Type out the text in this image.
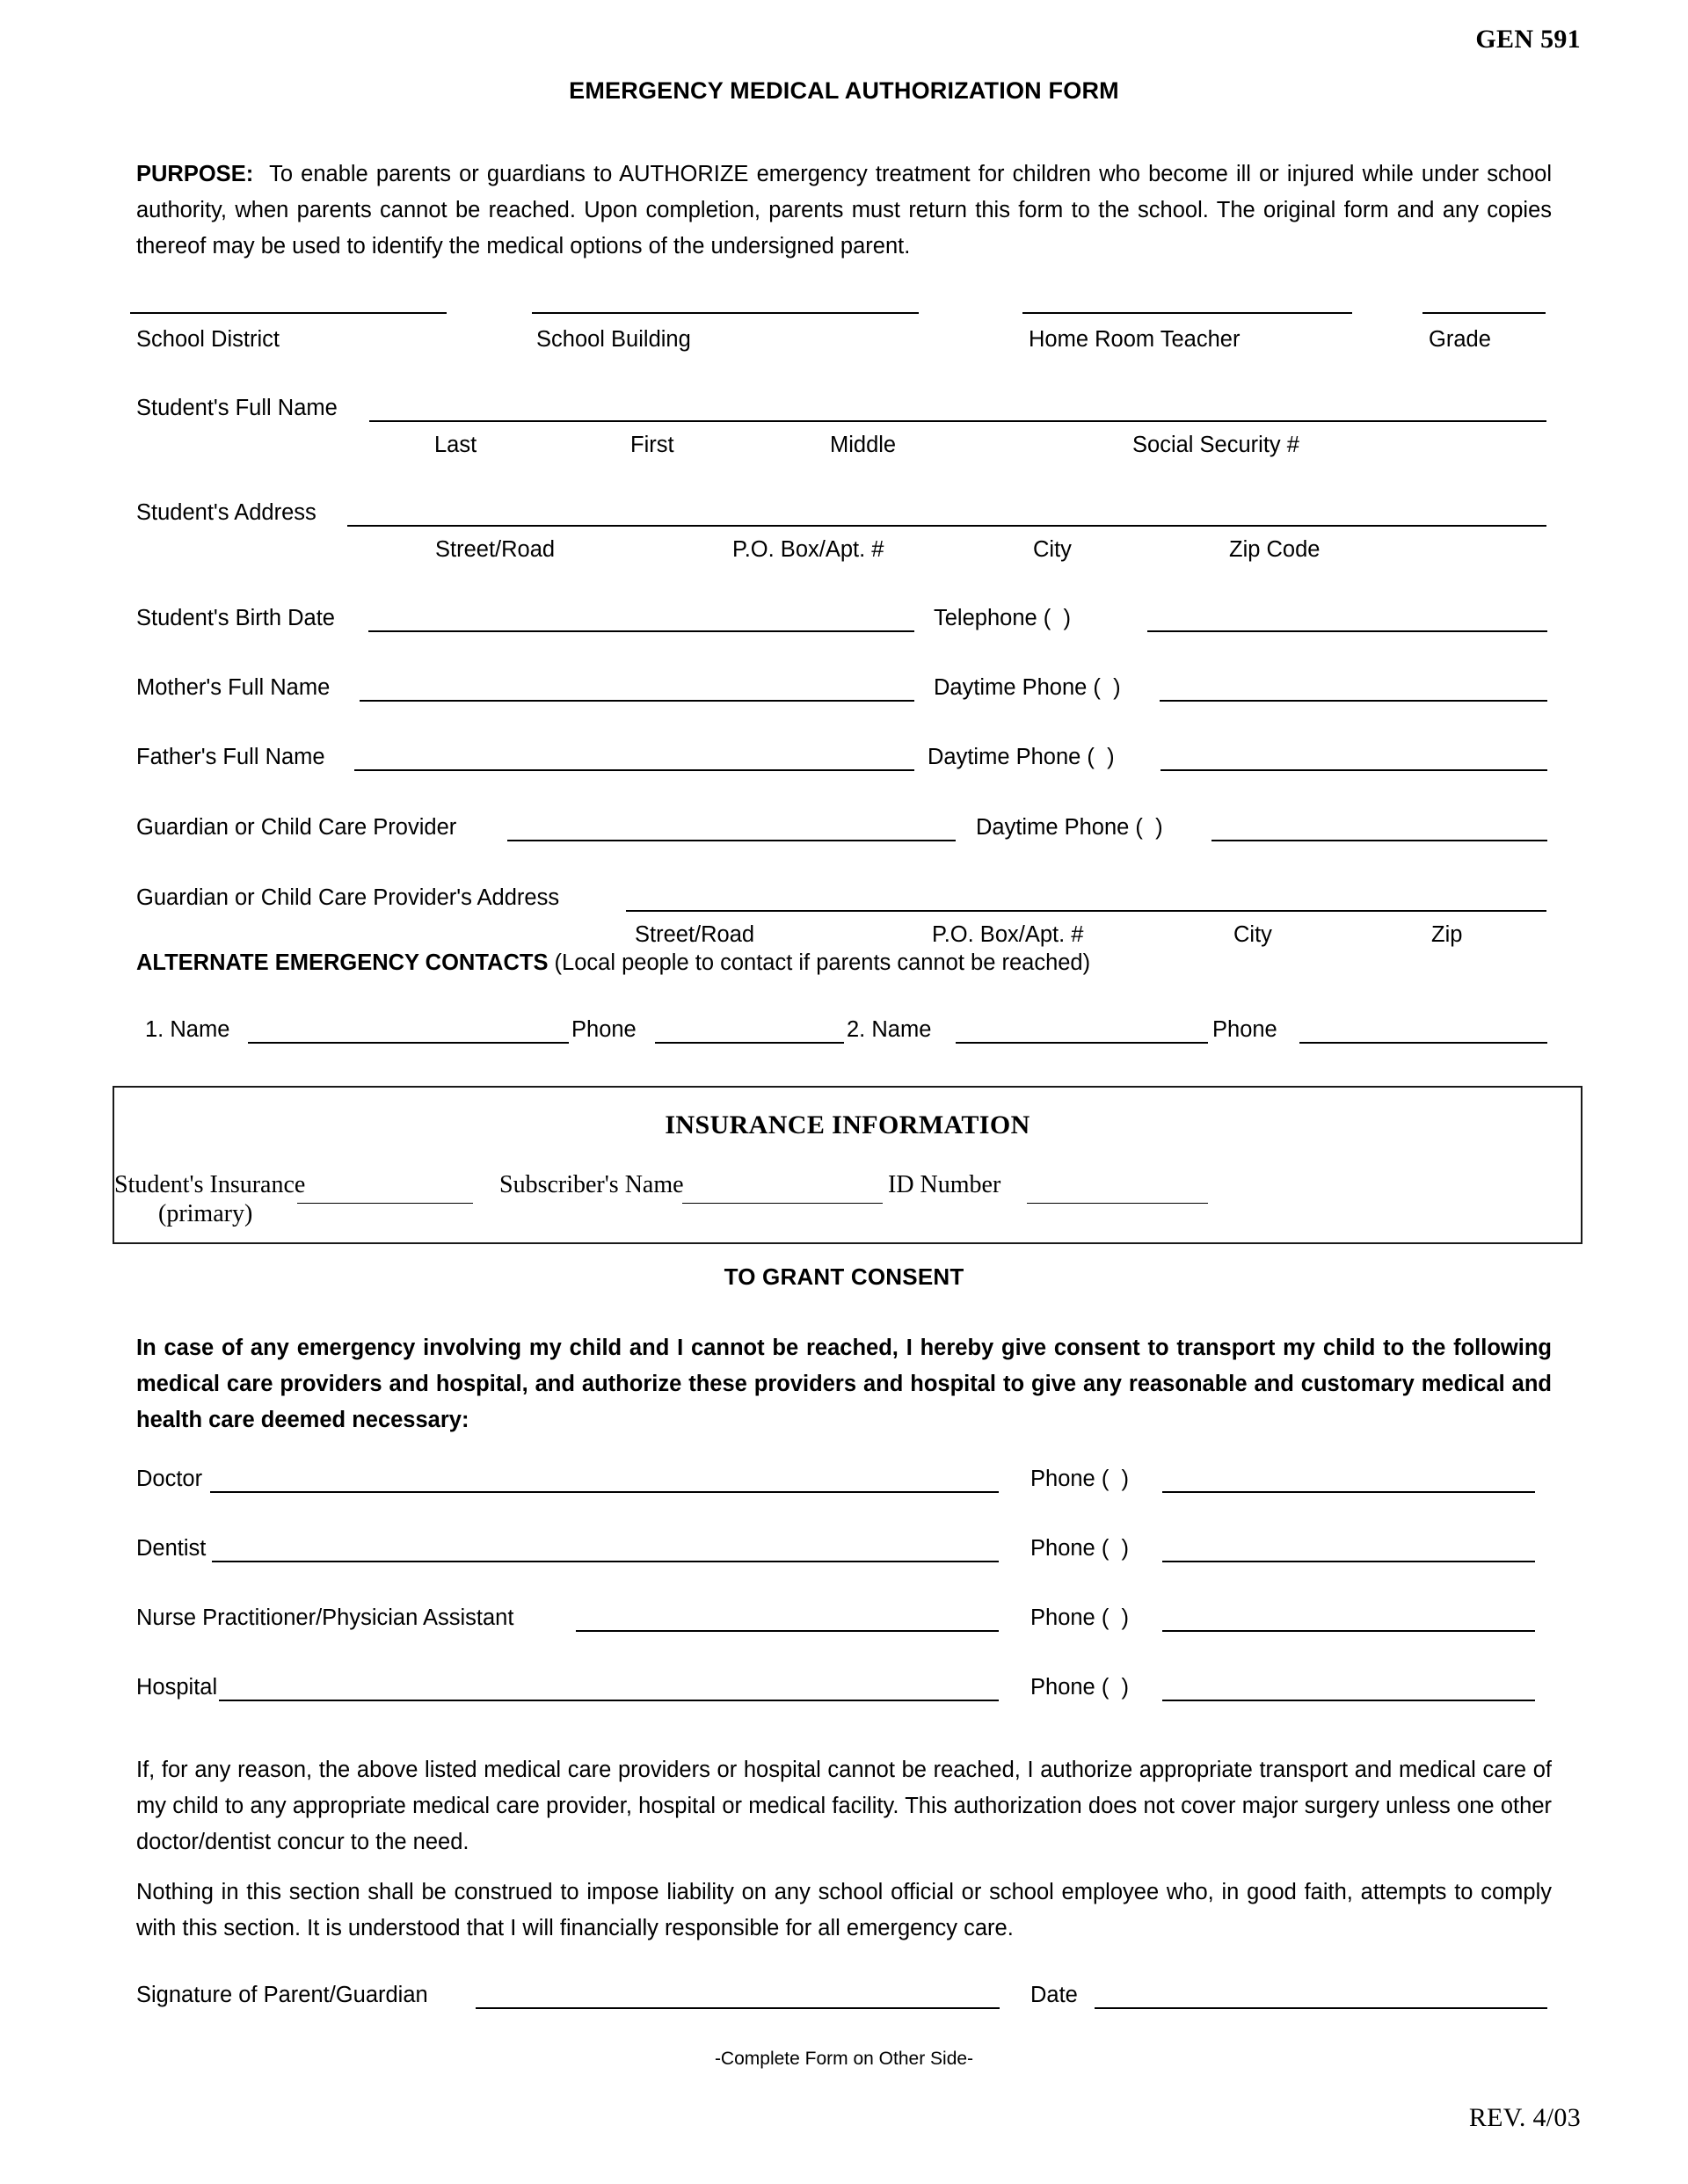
GEN 591
EMERGENCY MEDICAL AUTHORIZATION FORM
PURPOSE: To enable parents or guardians to AUTHORIZE emergency treatment for children who become ill or injured while under school authority, when parents cannot be reached. Upon completion, parents must return this form to the school. The original form and any copies thereof may be used to identify the medical options of the undersigned parent.
School District	School Building	Home Room Teacher	Grade
Student's Full Name
Last	First	Middle	Social Security #
Student's Address
Street/Road	P.O. Box/Apt. #	City	Zip Code
Student's Birth Date	Telephone ( )
Mother's Full Name	Daytime Phone ( )
Father's Full Name	Daytime Phone ( )
Guardian or Child Care Provider	Daytime Phone ( )
Guardian or Child Care Provider's Address
Street/Road	P.O. Box/Apt. #	City	Zip
ALTERNATE EMERGENCY CONTACTS (Local people to contact if parents cannot be reached)
1. Name	Phone	2. Name	Phone
INSURANCE INFORMATION
Student's Insurance
(primary)
Subscriber's Name	ID Number
TO GRANT CONSENT
In case of any emergency involving my child and I cannot be reached, I hereby give consent to transport my child to the following medical care providers and hospital, and authorize these providers and hospital to give any reasonable and customary medical and health care deemed necessary:
Doctor	Phone ( )
Dentist	Phone ( )
Nurse Practitioner/Physician Assistant	Phone ( )
Hospital	Phone ( )
If, for any reason, the above listed medical care providers or hospital cannot be reached, I authorize appropriate transport and medical care of my child to any appropriate medical care provider, hospital or medical facility. This authorization does not cover major surgery unless one other doctor/dentist concur to the need.
Nothing in this section shall be construed to impose liability on any school official or school employee who, in good faith, attempts to comply with this section. It is understood that I will financially responsible for all emergency care.
Signature of Parent/Guardian	Date
-Complete Form on Other Side-
REV. 4/03
